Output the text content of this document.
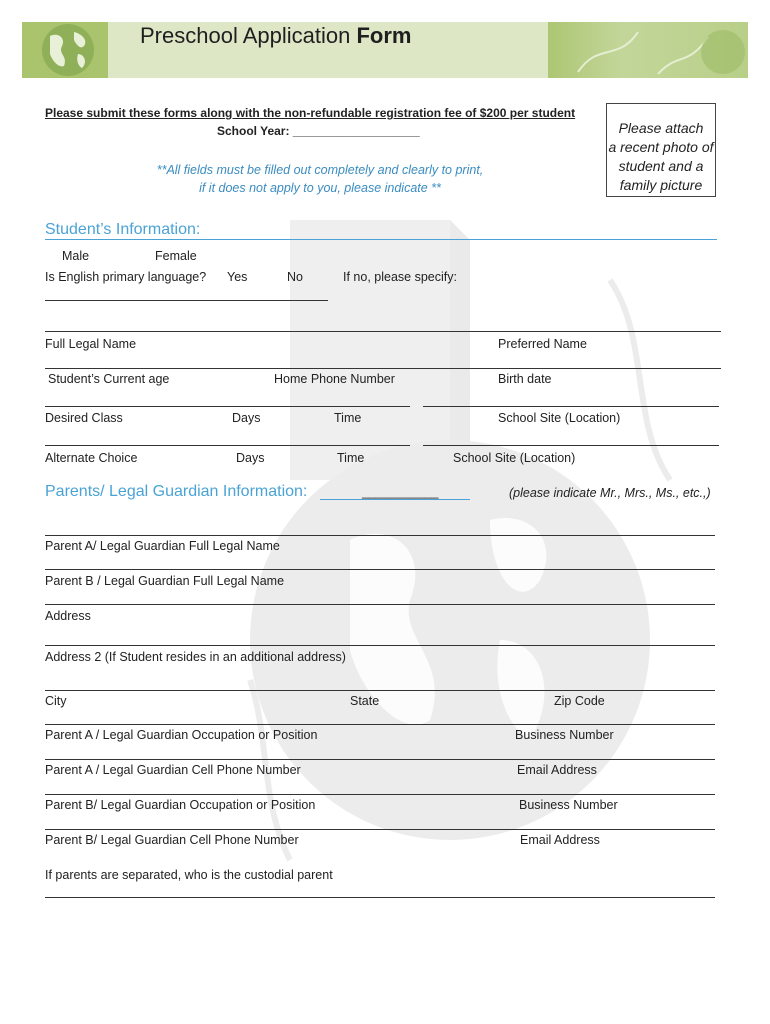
Preschool Application Form
Please submit these forms along with the non-refundable registration fee of $200 per student
School Year: ___________________
**All fields must be filled out completely and clearly to print,
if it does not apply to you, please indicate **
Please attach
a recent photo of
student and a
family picture
Student’s Information:
Male	Female
Is English primary language? Yes	No	If no, please specify:
Full Legal Name	Preferred Name
Student’s Current age	Home Phone Number	Birth date
Desired Class	Days	Time	School Site (Location)
Alternate Choice	Days	Time	School Site (Location)
Parents/ Legal Guardian Information:	___________	(please indicate Mr., Mrs., Ms., etc.,)
Parent A/ Legal Guardian Full Legal Name
Parent B / Legal Guardian Full Legal Name
Address
Address 2 (If Student resides in an additional address)
City	State	Zip Code
Parent A / Legal Guardian Occupation or Position	Business Number
Parent A / Legal Guardian Cell Phone Number	Email Address
Parent B/ Legal Guardian Occupation or Position	Business Number
Parent B/ Legal Guardian Cell Phone Number	Email Address
If parents are separated, who is the custodial parent
